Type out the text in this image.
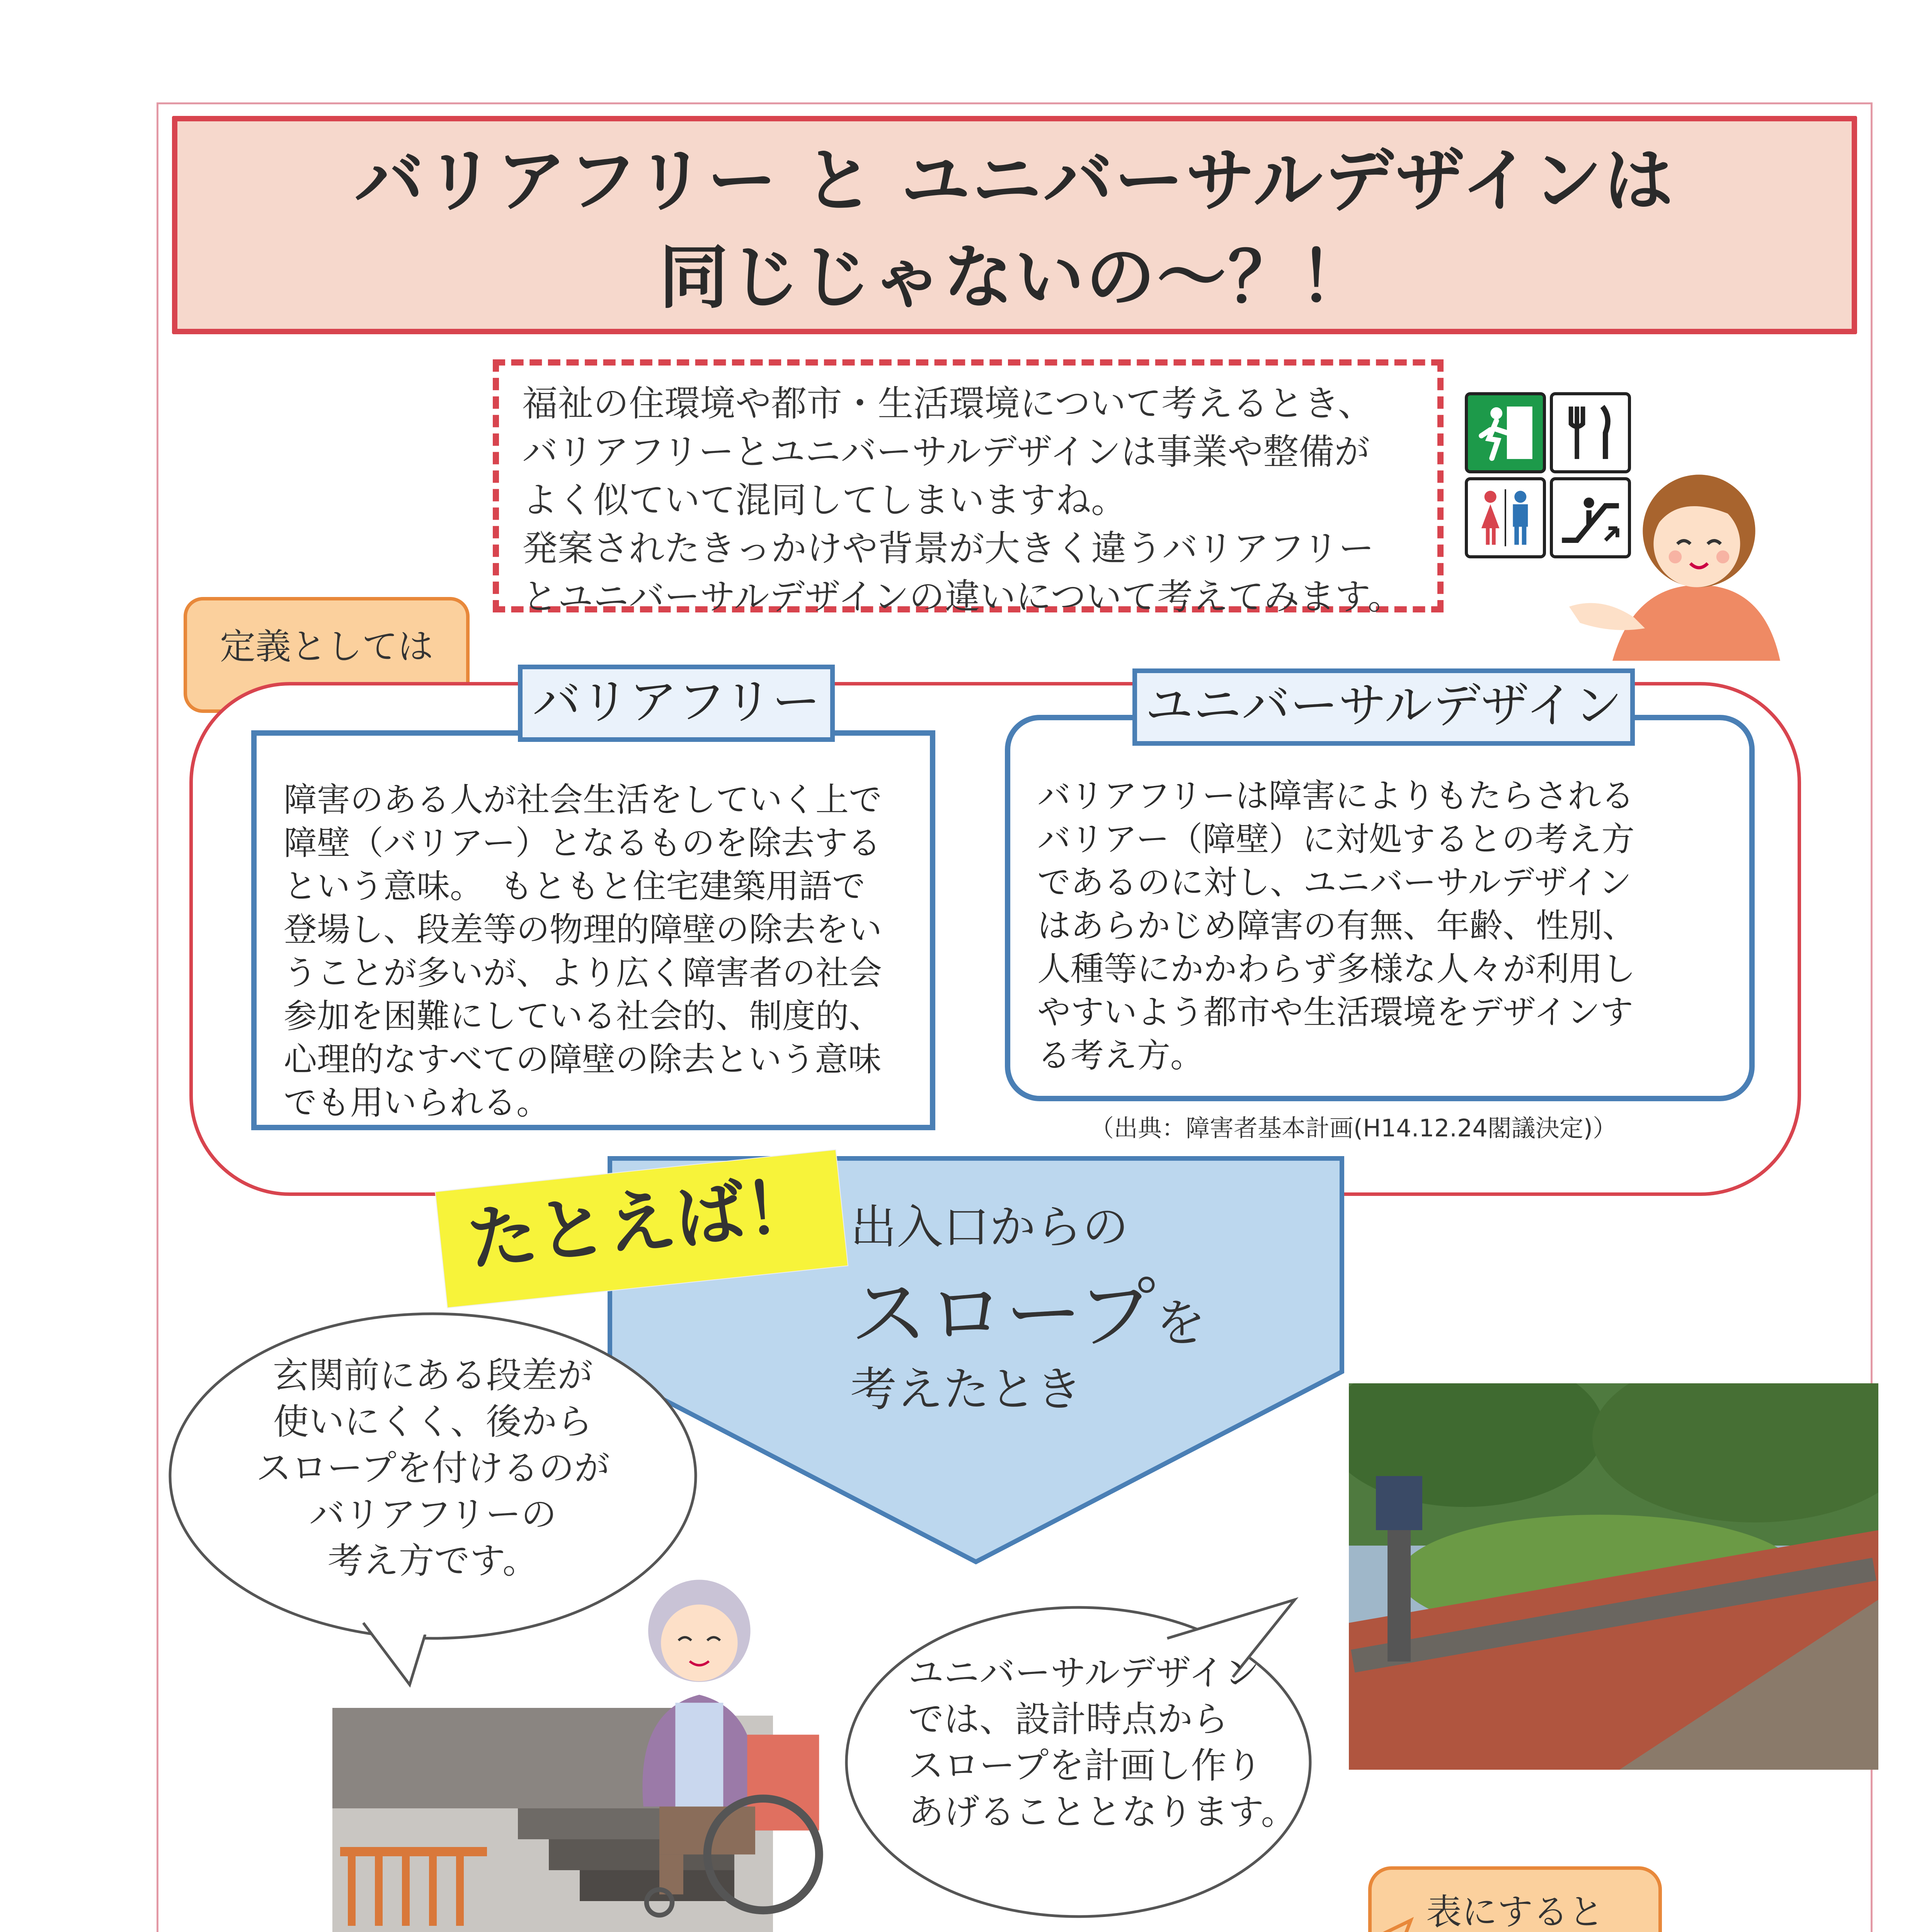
バリアフリー と ユニバーサルデザインは
同じじゃないの〜？！
福祉の住環境や都市・生活環境について考えるとき、
バリアフリーとユニバーサルデザインは事業や整備が
よく似ていて混同してしまいますね。
発案されたきっかけや背景が大きく違うバリアフリー
とユニバーサルデザインの違いについて考えてみます。
定義としては
障害のある人が社会生活をしていく上で
障壁（バリアー）となるものを除去する
という意味。　もともと住宅建築用語で
登場し、段差等の物理的障壁の除去をい
うことが多いが、より広く障害者の社会
参加を困難にしている社会的、制度的、
心理的なすべての障壁の除去という意味
でも用いられる。
バリアフリー
バリアフリーは障害によりもたらされる
バリアー（障壁）に対処するとの考え方
であるのに対し、ユニバーサルデザイン
はあらかじめ障害の有無、年齢、性別、
人種等にかかわらず多様な人々が利用し
やすいよう都市や生活環境をデザインす
る考え方。
ユニバーサルデザイン
（出典：障害者基本計画(H14.12.24閣議決定)）
出入口からの
スロープを
考えたとき
たとえば！
玄関前にある段差が
使いにくく、後から
スロープを付けるのが
バリアフリーの
考え方です。
ユニバーサルデザイン
では、設計時点から
スロープを計画し作り
あげることとなります。
表にすると
